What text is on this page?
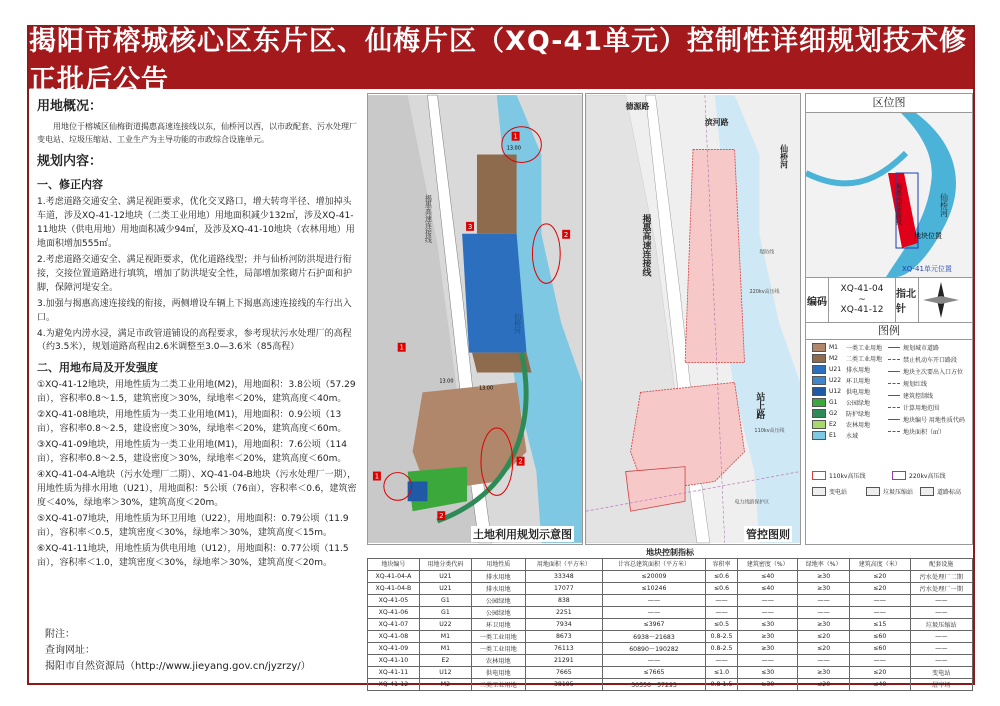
揭阳市榕城核心区东片区、仙梅片区（XQ-41单元）控制性详细规划技术修正批后公告
用地概况：

用地位于榕城区仙梅街道揭惠高速连接线以东，仙桥河以西，以市政配套、污水处理厂变电站、垃圾压缩站、工业生产为主导功能的市政综合设施单元。

规划内容：
一、修正内容

1.考虑道路交通安全、满足视距要求，优化交叉路口，增大转弯半径、增加掉头车道，涉及XQ-41-12地块（二类工业用地）用地面积减少132㎡，涉及XQ-41-11地块（供电用地）用地面积减少94㎡，及涉及XQ-41-10地块（农林用地）用地面积增加555㎡。

2.考虑道路交通安全、满足视距要求，优化道路线型；并与仙桥河防洪堤进行衔接，交接位置道路进行填筑，增加了防洪堤安全性，局部增加浆砌片石护面和护脚，保障河堤安全。

3.加强与揭惠高速连接线的衔接，两侧增设车辆上下揭惠高速连接线的车行出入口。

4.为避免内涝水浸，满足市政管道铺设的高程要求，参考现状污水处理厂的高程（约3.5米），规划道路高程由2.6米调整至3.0—3.6米（85高程）

二、用地布局及开发强度

①XQ-41-12地块，用地性质为二类工业用地(M2)，用地面积：3.8公顷（57.29亩），容积率0.8～1.5，建筑密度＞30%，绿地率＜20%，建筑高度＜40m。

②XQ-41-08地块，用地性质为一类工业用地(M1)，用地面积：0.9公顷（13亩），容积率0.8～2.5，建设密度＞30%，绿地率＜20%，建筑高度＜60m。

③XQ-41-09地块，用地性质为一类工业用地(M1)，用地面积：7.6公顷（114亩），容积率0.8～2.5，建设密度＞30%，绿地率＜20%，建筑高度＜60m。

④XQ-41-04-A地块（污水处理厂二期）、XQ-41-04-B地块（污水处理厂一期），用地性质为排水用地（U21），用地面积：5公顷（76亩），容积率＜0.6，建筑密度＜40%，绿地率＞30%，建筑高度＜20m。

⑤XQ-41-07地块，用地性质为环卫用地（U22），用地面积：0.79公顷（11.9亩），容积率＜0.5，建筑密度＜30%，绿地率＞30%，建筑高度＜15m。

⑥XQ-41-11地块，用地性质为供电用地（U12），用地面积：0.77公顷（11.5亩），容积率＜1.0，建筑密度＜30%，绿地率＞30%，建筑高度＜20m。

附注：
查询网址：
揭阳市自然资源局（http://www.jieyang.gov.cn/jyzrzy/）
1
1
1
2
2
2
3
13.00
13.00
13.00
仙桥河
揭惠高速连接线
土地利用规划示意图
德源路
滨河路
仙桥河
揭惠高速连接线
站上路
220kv高压线
110kv高压线
堤防线
电力线路保护区
管控图则
区位图
仙桥河
揭惠高速连接线
地块位置
XQ-41单元位置
编码
XQ-41-04
~
XQ-41-12
指北针
图例
M1	一类工业用地
M2	二类工业用地
U21 排水用地
U22 环卫用地
U12 供电用地
G1	公园绿地
G2	防护绿地
E2	农林用地
E1	水域
规划城市道路
禁止机动车开口路段
地块主次要出入口方位
规划红线
建筑控制线
计算用地范围
地块编号 用地性质代码
地块面积（㎡）
110kv高压线	220kv高压线
变电站	垃圾压缩站	道路标高
地块控制指标
地块编号	用地分类代码	用地性质	用地面积（平方米）	计容总建筑面积（平方米）	容积率	建筑密度（%）	绿地率（%）	建筑高度（米）	配套设施
XQ-41-04-A	U21	排水用地	33348	≤20009	≤0.6	≤40	≥30	≤20	污水处理厂二期
XQ-41-04-B	U21	排水用地	17077	≤10246	≤0.6	≤40	≥30	≤20	污水处理厂一期
XQ-41-05	G1	公园绿地	838	——	——	——	——	——	——
XQ-41-06	G1	公园绿地	2251	——	——	——	——	——	——
XQ-41-07	U22	环卫用地	7934	≤3967	≤0.5	≤30	≥30	≤15	垃圾压缩站
XQ-41-08	M1	一类工业用地	8673	6938～21683	0.8-2.5	≥30	≤20	≤60	——
XQ-41-09	M1	一类工业用地	76113	60890～190282	0.8-2.5	≥30	≤20	≤60	——
XQ-41-10	E2	农林用地	21291	——	——	——	——	——	——
XQ-41-11	U12	供电用地	7665	≤7665	≤1.0	≤30	≥30	≤20	变电站
XQ-41-12	M2	二类工业用地	38195	30556～57293	0.8-1.5	≥30	≤20	≤40	屠宰场
